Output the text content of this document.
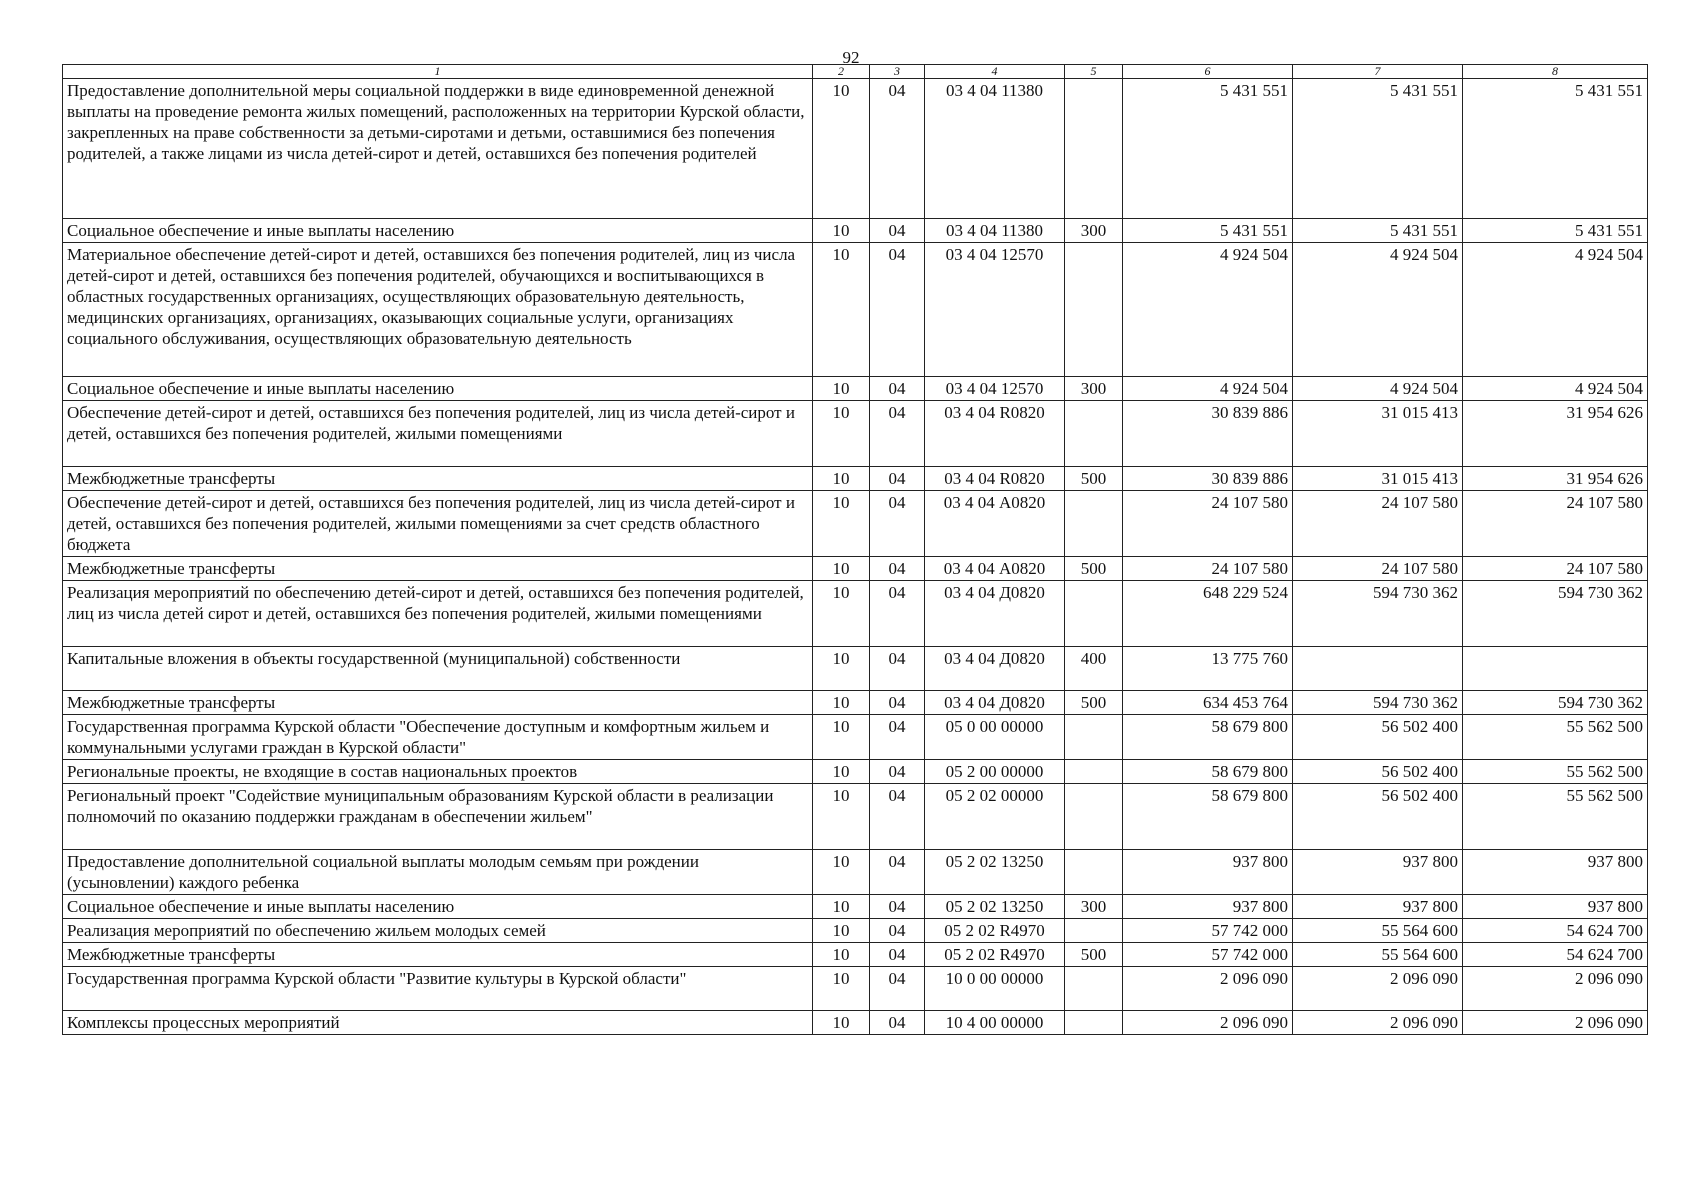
92
1	2	3	4	5	6	7	8
Предоставление дополнительной меры социальной поддержки в виде единовременной денежной выплаты на проведение ремонта жилых помещений, расположенных на территории Курской области, закрепленных на праве собственности за детьми-сиротами и детьми, оставшимися без попечения родителей, а также лицами из числа детей-сирот и детей, оставшихся без попечения родителей	10	04	03 4 04 11380		5 431 551	5 431 551	5 431 551
Социальное обеспечение и иные выплаты населению	10	04	03 4 04 11380	300	5 431 551	5 431 551	5 431 551
Материальное обеспечение детей-сирот и детей, оставшихся без попечения родителей, лиц из числа детей-сирот и детей, оставшихся без попечения родителей, обучающихся и воспитывающихся в областных государственных организациях, осуществляющих образовательную деятельность, медицинских организациях, организациях, оказывающих социальные услуги, организациях социального обслуживания, осуществляющих образовательную деятельность	10	04	03 4 04 12570		4 924 504	4 924 504	4 924 504
Социальное обеспечение и иные выплаты населению	10	04	03 4 04 12570	300	4 924 504	4 924 504	4 924 504
Обеспечение детей-сирот и детей, оставшихся без попечения родителей, лиц из числа детей-сирот и детей, оставшихся без попечения родителей, жилыми помещениями	10	04	03 4 04 R0820		30 839 886	31 015 413	31 954 626
Межбюджетные трансферты	10	04	03 4 04 R0820	500	30 839 886	31 015 413	31 954 626
Обеспечение детей-сирот и детей, оставшихся без попечения родителей, лиц из числа детей-сирот и детей, оставшихся без попечения родителей, жилыми помещениями за счет средств областного бюджета	10	04	03 4 04 А0820		24 107 580	24 107 580	24 107 580
Межбюджетные трансферты	10	04	03 4 04 А0820	500	24 107 580	24 107 580	24 107 580
Реализация мероприятий по обеспечению детей-сирот и детей, оставшихся без попечения родителей, лиц из числа детей сирот и детей, оставшихся без попечения родителей, жилыми помещениями	10	04	03 4 04 Д0820		648 229 524	594 730 362	594 730 362
Капитальные вложения в объекты государственной (муниципальной) собственности	10	04	03 4 04 Д0820	400	13 775 760		
Межбюджетные трансферты	10	04	03 4 04 Д0820	500	634 453 764	594 730 362	594 730 362
Государственная программа Курской области "Обеспечение доступным и комфортным жильем и коммунальными услугами граждан в Курской области"	10	04	05 0 00 00000		58 679 800	56 502 400	55 562 500
Региональные проекты, не входящие в состав национальных проектов	10	04	05 2 00 00000		58 679 800	56 502 400	55 562 500
Региональный проект "Содействие муниципальным образованиям Курской области в реализации полномочий по оказанию поддержки гражданам в обеспечении жильем"	10	04	05 2 02 00000		58 679 800	56 502 400	55 562 500
Предоставление дополнительной социальной выплаты молодым семьям при рождении (усыновлении) каждого ребенка	10	04	05 2 02 13250		937 800	937 800	937 800
Социальное обеспечение и иные выплаты населению	10	04	05 2 02 13250	300	937 800	937 800	937 800
Реализация мероприятий по обеспечению жильем молодых семей	10	04	05 2 02 R4970		57 742 000	55 564 600	54 624 700
Межбюджетные трансферты	10	04	05 2 02 R4970	500	57 742 000	55 564 600	54 624 700
Государственная программа Курской области "Развитие культуры в Курской области"	10	04	10 0 00 00000		2 096 090	2 096 090	2 096 090
Комплексы процессных мероприятий	10	04	10 4 00 00000		2 096 090	2 096 090	2 096 090
